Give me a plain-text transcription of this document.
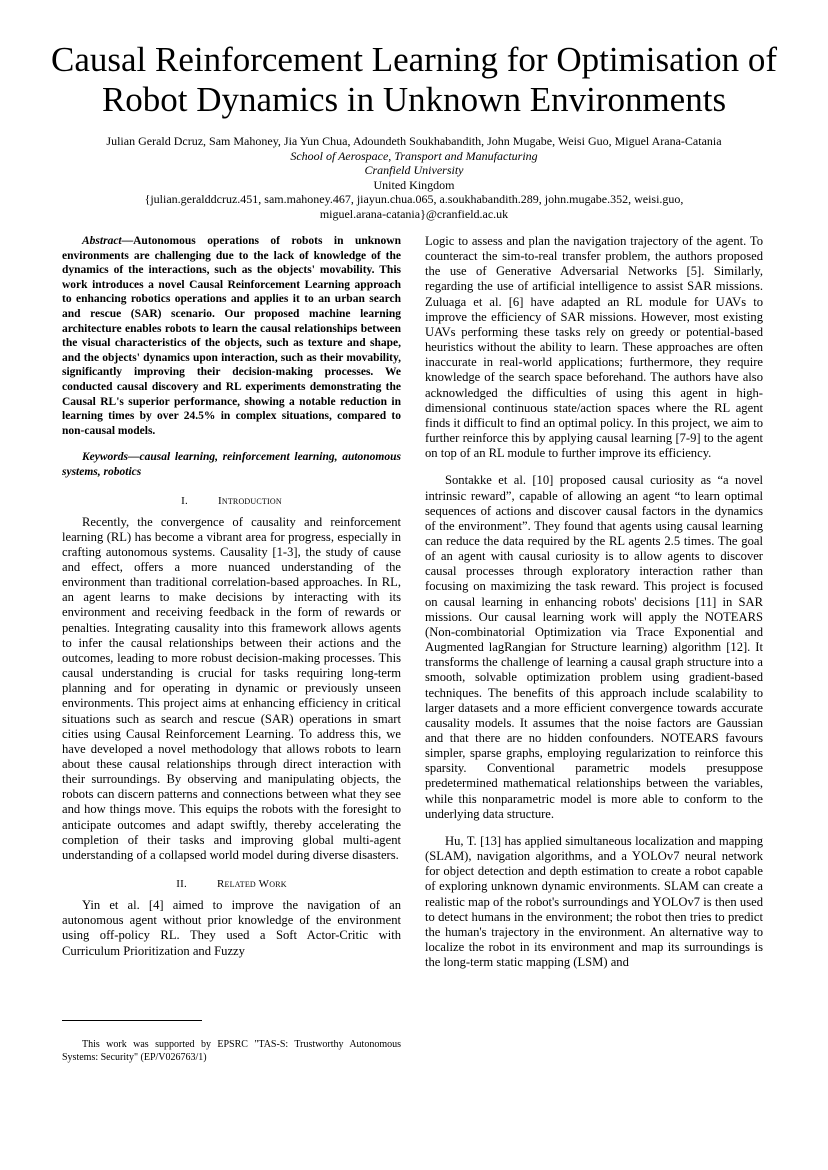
Causal Reinforcement Learning for Optimisation of Robot Dynamics in Unknown Environments
Julian Gerald Dcruz, Sam Mahoney, Jia Yun Chua, Adoundeth Soukhabandith, John Mugabe, Weisi Guo, Miguel Arana-Catania
School of Aerospace, Transport and Manufacturing
Cranfield University
United Kingdom
{julian.geralddcruz.451, sam.mahoney.467, jiayun.chua.065, a.soukhabandith.289, john.mugabe.352, weisi.guo,
miguel.arana-catania}@cranfield.ac.uk

Abstract—Autonomous operations of robots in unknown environments are challenging due to the lack of knowledge of the dynamics of the interactions, such as the objects' movability. This work introduces a novel Causal Reinforcement Learning approach to enhancing robotics operations and applies it to an urban search and rescue (SAR) scenario. Our proposed machine learning architecture enables robots to learn the causal relationships between the visual characteristics of the objects, such as texture and shape, and the objects' dynamics upon interaction, such as their movability, significantly improving their decision-making processes. We conducted causal discovery and RL experiments demonstrating the Causal RL's superior performance, showing a notable reduction in learning times by over 24.5% in complex situations, compared to non-causal models.

Keywords—causal learning, reinforcement learning, autonomous systems, robotics

I.	Introduction

Recently, the convergence of causality and reinforcement learning (RL) has become a vibrant area for progress, especially in crafting autonomous systems. Causality [1-3], the study of cause and effect, offers a more nuanced understanding of the environment than traditional correlation-based approaches. In RL, an agent learns to make decisions by interacting with its environment and receiving feedback in the form of rewards or penalties. Integrating causality into this framework allows agents to infer the causal relationships between their actions and the outcomes, leading to more robust decision-making processes. This causal understanding is crucial for tasks requiring long-term planning and for operating in dynamic or previously unseen environments. This project aims at enhancing efficiency in critical situations such as search and rescue (SAR) operations in smart cities using Causal Reinforcement Learning. To address this, we have developed a novel methodology that allows robots to learn about these causal relationships through direct interaction with their surroundings. By observing and manipulating objects, the robots can discern patterns and connections between what they see and how things move. This equips the robots with the foresight to anticipate outcomes and adapt swiftly, thereby accelerating the completion of their tasks and improving global multi-agent understanding of a collapsed world model during diverse disasters.

II.	Related Work

Yin et al. [4] aimed to improve the navigation of an autonomous agent without prior knowledge of the environment using off-policy RL. They used a Soft Actor-Critic with Curriculum Prioritization and Fuzzy

This work was supported by EPSRC "TAS-S: Trustworthy Autonomous Systems: Security" (EP/V026763/1)

Logic to assess and plan the navigation trajectory of the agent. To counteract the sim-to-real transfer problem, the authors proposed the use of Generative Adversarial Networks [5]. Similarly, regarding the use of artificial intelligence to assist SAR missions. Zuluaga et al. [6] have adapted an RL module for UAVs to improve the efficiency of SAR missions. However, most existing UAVs performing these tasks rely on greedy or potential-based heuristics without the ability to learn. These approaches are often inaccurate in real-world applications; furthermore, they require knowledge of the search space beforehand. The authors have also acknowledged the difficulties of using this agent in high-dimensional continuous state/action spaces where the RL agent finds it difficult to find an optimal policy. In this project, we aim to further reinforce this by applying causal learning [7-9] to the agent on top of an RL module to further improve its efficiency.

Sontakke et al. [10] proposed causal curiosity as “a novel intrinsic reward”, capable of allowing an agent “to learn optimal sequences of actions and discover causal factors in the dynamics of the environment”. They found that agents using causal learning can reduce the data required by the RL agents 2.5 times. The goal of an agent with causal curiosity is to allow agents to discover causal processes through exploratory interaction rather than focusing on maximizing the task reward. This project is focused on causal learning in enhancing robots' decisions [11] in SAR missions. Our causal learning work will apply the NOTEARS (Non-combinatorial Optimization via Trace Exponential and Augmented lagRangian for Structure learning) algorithm [12]. It transforms the challenge of learning a causal graph structure into a smooth, solvable optimization problem using gradient-based techniques. The benefits of this approach include scalability to larger datasets and a more efficient convergence towards accurate causality models. It assumes that the noise factors are Gaussian and that there are no hidden confounders. NOTEARS favours simpler, sparse graphs, employing regularization to reinforce this sparsity. Conventional parametric models presuppose predetermined mathematical relationships between the variables, while this nonparametric model is more able to conform to the underlying data structure.

Hu, T. [13] has applied simultaneous localization and mapping (SLAM), navigation algorithms, and a YOLOv7 neural network for object detection and depth estimation to create a robot capable of exploring unknown dynamic environments. SLAM can create a realistic map of the robot's surroundings and YOLOv7 is then used to detect humans in the environment; the robot then tries to predict the human's trajectory in the environment. An alternative way to localize the robot in its environment and map its surroundings is the long-term static mapping (LSM) and
